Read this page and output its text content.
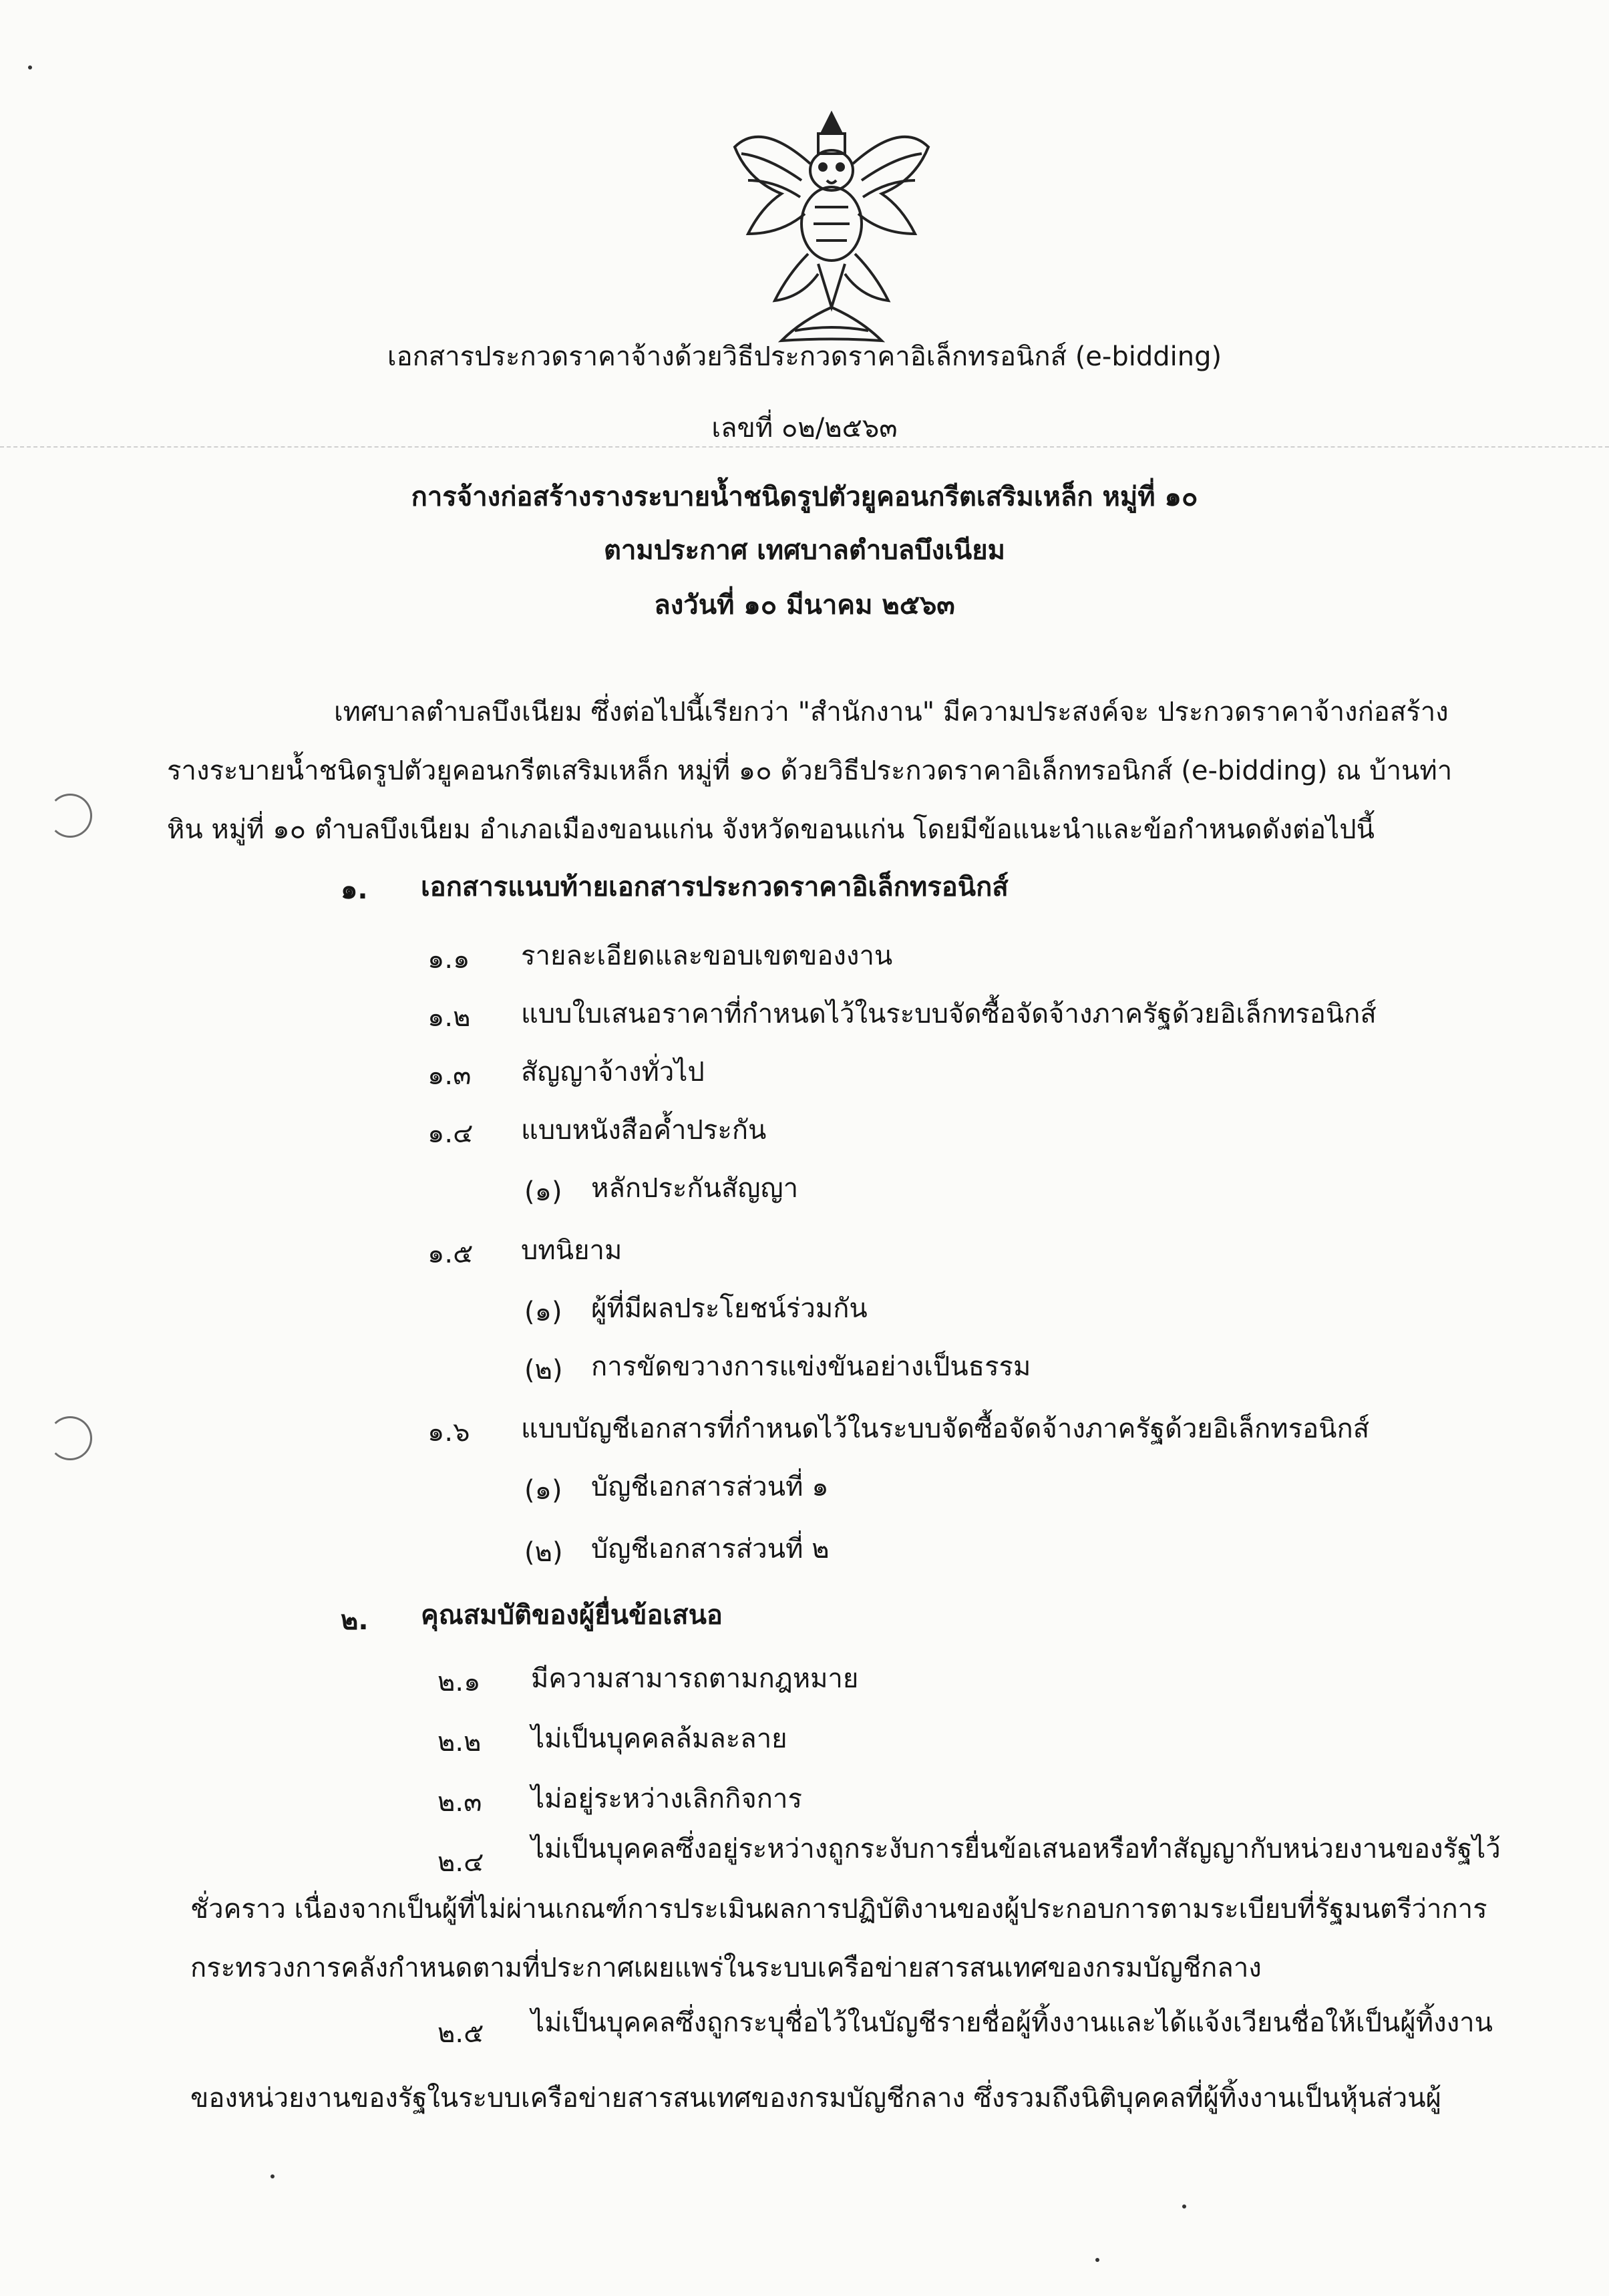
เอกสารประกวดราคาจ้างด้วยวิธีประกวดราคาอิเล็กทรอนิกส์ (e-bidding)
เลขที่ ๐๒/๒๕๖๓
การจ้างก่อสร้างรางระบายน้ำชนิดรูปตัวยูคอนกรีตเสริมเหล็ก หมู่ที่ ๑๐
ตามประกาศ เทศบาลตำบลบึงเนียม
ลงวันที่ ๑๐ มีนาคม ๒๕๖๓
เทศบาลตำบลบึงเนียม ซึ่งต่อไปนี้เรียกว่า "สำนักงาน" มีความประสงค์จะ ประกวดราคาจ้างก่อสร้าง
รางระบายน้ำชนิดรูปตัวยูคอนกรีตเสริมเหล็ก หมู่ที่ ๑๐ ด้วยวิธีประกวดราคาอิเล็กทรอนิกส์ (e-bidding) ณ บ้านท่า
หิน หมู่ที่ ๑๐ ตำบลบึงเนียม อำเภอเมืองขอนแก่น จังหวัดขอนแก่น โดยมีข้อแนะนำและข้อกำหนดดังต่อไปนี้
๑. เอกสารแนบท้ายเอกสารประกวดราคาอิเล็กทรอนิกส์
๑.๑ รายละเอียดและขอบเขตของงาน
๑.๒ แบบใบเสนอราคาที่กำหนดไว้ในระบบจัดซื้อจัดจ้างภาครัฐด้วยอิเล็กทรอนิกส์
๑.๓ สัญญาจ้างทั่วไป
๑.๔ แบบหนังสือค้ำประกัน
(๑) หลักประกันสัญญา
๑.๕ บทนิยาม
(๑) ผู้ที่มีผลประโยชน์ร่วมกัน
(๒) การขัดขวางการแข่งขันอย่างเป็นธรรม
๑.๖ แบบบัญชีเอกสารที่กำหนดไว้ในระบบจัดซื้อจัดจ้างภาครัฐด้วยอิเล็กทรอนิกส์
(๑) บัญชีเอกสารส่วนที่ ๑
(๒) บัญชีเอกสารส่วนที่ ๒
๒. คุณสมบัติของผู้ยื่นข้อเสนอ
๒.๑ มีความสามารถตามกฎหมาย
๒.๒ ไม่เป็นบุคคลล้มละลาย
๒.๓ ไม่อยู่ระหว่างเลิกกิจการ
๒.๔ ไม่เป็นบุคคลซึ่งอยู่ระหว่างถูกระงับการยื่นข้อเสนอหรือทำสัญญากับหน่วยงานของรัฐไว้
ชั่วคราว เนื่องจากเป็นผู้ที่ไม่ผ่านเกณฑ์การประเมินผลการปฏิบัติงานของผู้ประกอบการตามระเบียบที่รัฐมนตรีว่าการ
กระทรวงการคลังกำหนดตามที่ประกาศเผยแพร่ในระบบเครือข่ายสารสนเทศของกรมบัญชีกลาง
๒.๕ ไม่เป็นบุคคลซึ่งถูกระบุชื่อไว้ในบัญชีรายชื่อผู้ทิ้งงานและได้แจ้งเวียนชื่อให้เป็นผู้ทิ้งงาน
ของหน่วยงานของรัฐในระบบเครือข่ายสารสนเทศของกรมบัญชีกลาง ซึ่งรวมถึงนิติบุคคลที่ผู้ทิ้งงานเป็นหุ้นส่วนผู้
